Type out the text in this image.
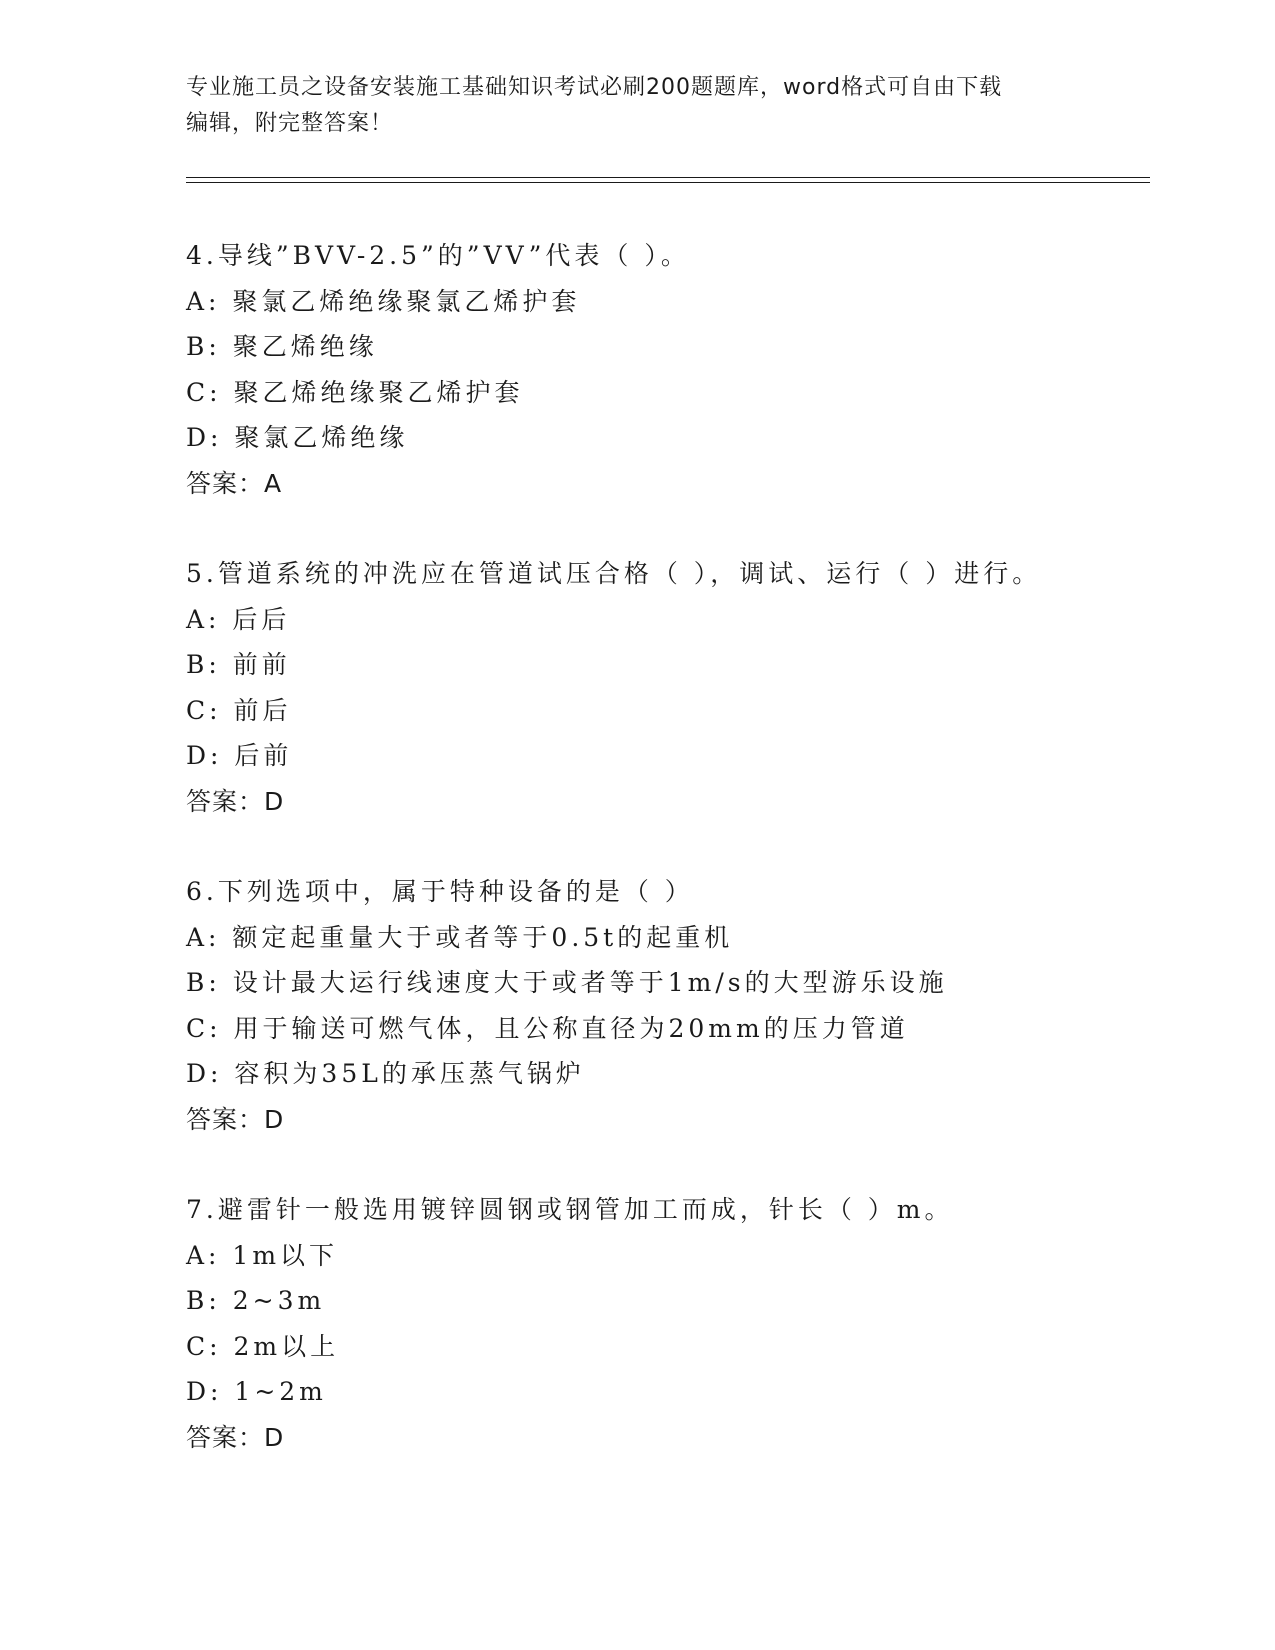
专业施工员之设备安装施工基础知识考试必刷200题题库，word格式可自由下载
编辑，附完整答案！
4.导线”BVV-2.5”的”VV”代表（ ）。
A: 聚氯乙烯绝缘聚氯乙烯护套
B: 聚乙烯绝缘
C: 聚乙烯绝缘聚乙烯护套
D: 聚氯乙烯绝缘
答案：A
5.管道系统的冲洗应在管道试压合格（ ），调试、运行（ ）进行。
A: 后后
B: 前前
C: 前后
D: 后前
答案：D
6.下列选项中，属于特种设备的是（ ）
A: 额定起重量大于或者等于0.5t的起重机
B: 设计最大运行线速度大于或者等于1m/s的大型游乐设施
C: 用于输送可燃气体，且公称直径为20mm的压力管道
D: 容积为35L的承压蒸气锅炉
答案：D
7.避雷针一般选用镀锌圆钢或钢管加工而成，针长（ ）m。
A: 1m以下
B: 2~3m
C: 2m以上
D: 1~2m
答案：D
